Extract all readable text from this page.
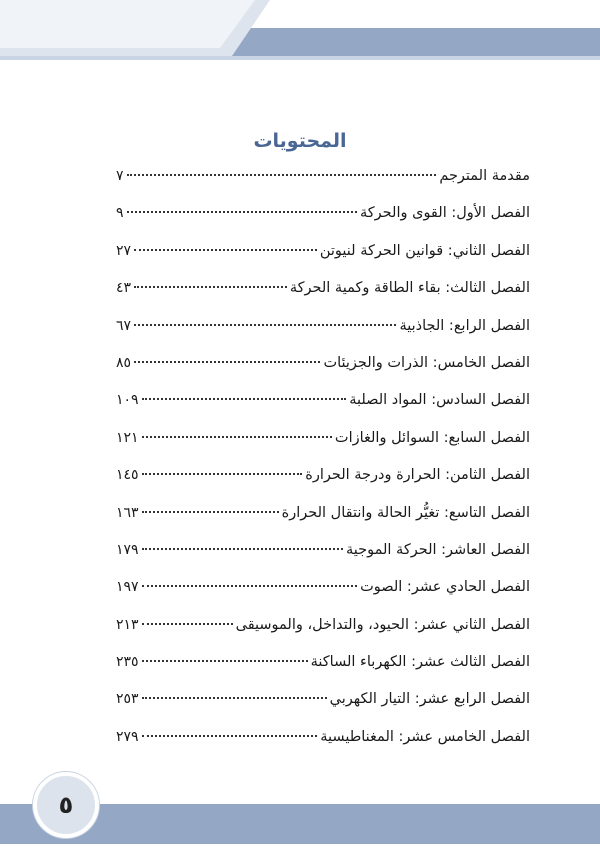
المحتويات
مقدمة المترجم
٧
الفصل الأول: القوى والحركة
٩
الفصل الثاني: قوانين الحركة لنيوتن
٢٧
الفصل الثالث: بقاء الطاقة وكمية الحركة
٤٣
الفصل الرابع: الجاذبية
٦٧
الفصل الخامس: الذرات والجزيئات
٨٥
الفصل السادس: المواد الصلبة
١٠٩
الفصل السابع: السوائل والغازات
١٢١
الفصل الثامن: الحرارة ودرجة الحرارة
١٤٥
الفصل التاسع: تغيُّر الحالة وانتقال الحرارة
١٦٣
الفصل العاشر: الحركة الموجية
١٧٩
الفصل الحادي عشر: الصوت
١٩٧
الفصل الثاني عشر: الحيود، والتداخل، والموسيقى
٢١٣
الفصل الثالث عشر: الكهرباء الساكنة
٢٣٥
الفصل الرابع عشر: التيار الكهربي
٢٥٣
الفصل الخامس عشر: المغناطيسية
٢٧٩
٥
